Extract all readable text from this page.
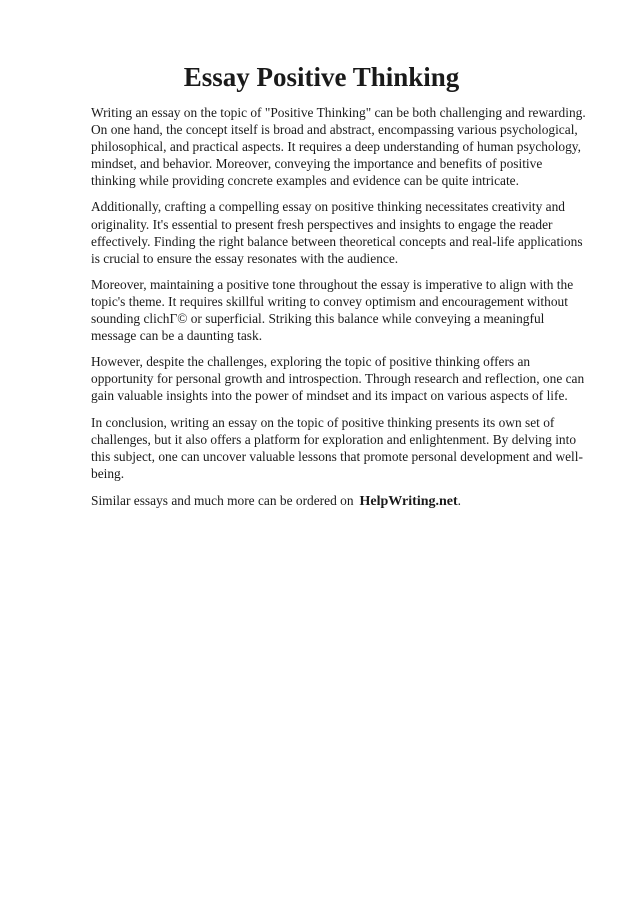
Essay Positive Thinking

Writing an essay on the topic of "Positive Thinking" can be both challenging and rewarding. On one hand, the concept itself is broad and abstract, encompassing various psychological, philosophical, and practical aspects. It requires a deep understanding of human psychology, mindset, and behavior. Moreover, conveying the importance and benefits of positive thinking while providing concrete examples and evidence can be quite intricate.

Additionally, crafting a compelling essay on positive thinking necessitates creativity and originality. It's essential to present fresh perspectives and insights to engage the reader effectively. Finding the right balance between theoretical concepts and real-life applications is crucial to ensure the essay resonates with the audience.

Moreover, maintaining a positive tone throughout the essay is imperative to align with the topic's theme. It requires skillful writing to convey optimism and encouragement without sounding clichГ© or superficial. Striking this balance while conveying a meaningful message can be a daunting task.

However, despite the challenges, exploring the topic of positive thinking offers an opportunity for personal growth and introspection. Through research and reflection, one can gain valuable insights into the power of mindset and its impact on various aspects of life.

In conclusion, writing an essay on the topic of positive thinking presents its own set of challenges, but it also offers a platform for exploration and enlightenment. By delving into this subject, one can uncover valuable lessons that promote personal development and well-being.

Similar essays and much more can be ordered on HelpWriting.net.
